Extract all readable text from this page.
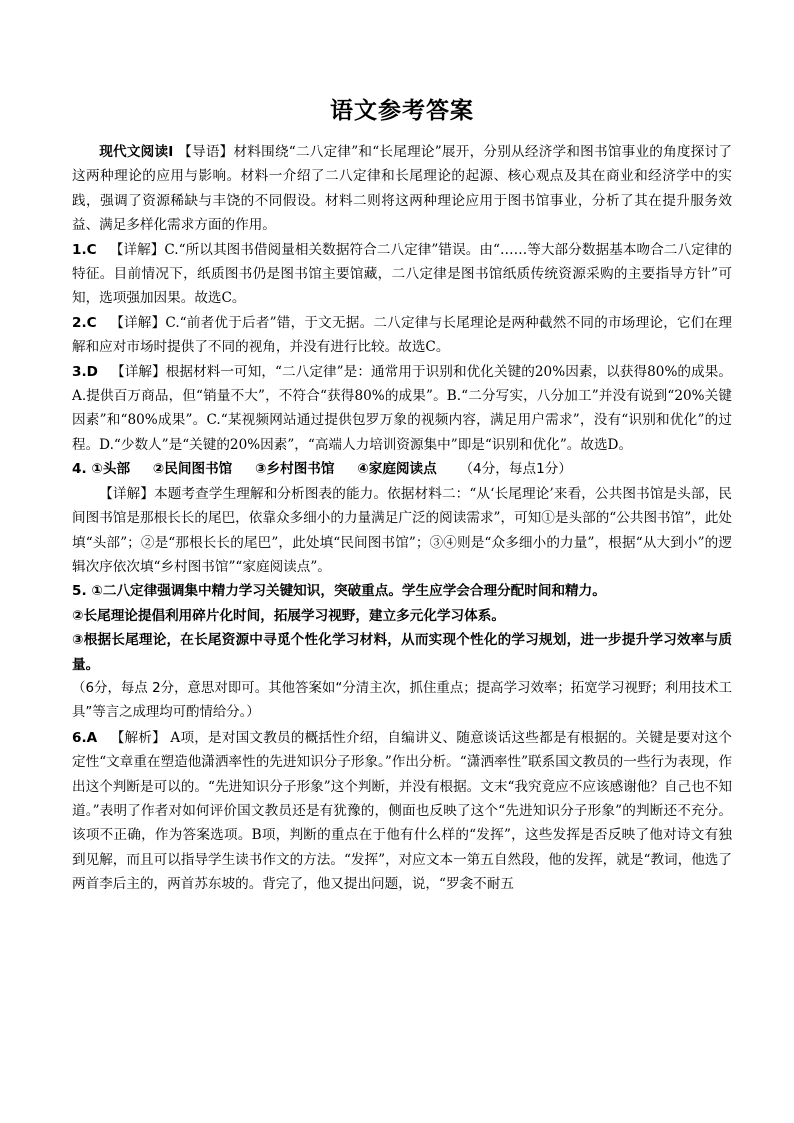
语文参考答案

现代文阅读Ⅰ 【导语】材料围绕“二八定律”和“长尾理论”展开，分别从经济学和图书馆事业的角度探讨了这两种理论的应用与影响。材料一介绍了二八定律和长尾理论的起源、核心观点及其在商业和经济学中的实践，强调了资源稀缺与丰饶的不同假设。材料二则将这两种理论应用于图书馆事业，分析了其在提升服务效益、满足多样化需求方面的作用。

1.C 【详解】C.“所以其图书借阅量相关数据符合二八定律”错误。由“……等大部分数据基本吻合二八定律的特征。目前情况下，纸质图书仍是图书馆主要馆藏，二八定律是图书馆纸质传统资源采购的主要指导方针”可知，选项强加因果。故选C。

2.C 【详解】C.“前者优于后者”错，于文无据。二八定律与长尾理论是两种截然不同的市场理论，它们在理解和应对市场时提供了不同的视角，并没有进行比较。故选C。

3.D 【详解】根据材料一可知，“二八定律”是：通常用于识别和优化关键的20%因素，以获得80%的成果。A.提供百万商品，但“销量不大”，不符合“获得80%的成果”。B.“二分写实，八分加工”并没有说到“20%关键因素”和“80%成果”。C.“某视频网站通过提供包罗万象的视频内容，满足用户需求”，没有“识别和优化”的过程。D.“少数人”是“关键的20%因素”，“高端人力培训资源集中”即是“识别和优化”。故选D。

4. ①头部 ②民间图书馆 ③乡村图书馆 ④家庭阅读点 （4分，每点1分）

【详解】本题考查学生理解和分析图表的能力。依据材料二：“从‘长尾理论’来看，公共图书馆是头部，民间图书馆是那根长长的尾巴，依靠众多细小的力量满足广泛的阅读需求”，可知①是头部的“公共图书馆”，此处填“头部”；②是“那根长长的尾巴”，此处填“民间图书馆”；③④则是“众多细小的力量”，根据“从大到小”的逻辑次序依次填“乡村图书馆”“家庭阅读点”。

5. ①二八定律强调集中精力学习关键知识，突破重点。学生应学会合理分配时间和精力。

②长尾理论提倡利用碎片化时间，拓展学习视野，建立多元化学习体系。

③根据长尾理论，在长尾资源中寻觅个性化学习材料，从而实现个性化的学习规划，进一步提升学习效率与质量。

（6分，每点 2分，意思对即可。其他答案如“分清主次，抓住重点；提高学习效率；拓宽学习视野；利用技术工具”等言之成理均可酌情给分。）

6.A 【解析】 A项，是对国文教员的概括性介绍，自编讲义、随意谈话这些都是有根据的。关键是要对这个定性“文章重在塑造他潇洒率性的先进知识分子形象。”作出分析。“潇洒率性”联系国文教员的一些行为表现，作出这个判断是可以的。“先进知识分子形象”这个判断，并没有根据。文末“我究竟应不应该感谢他？自己也不知道。”表明了作者对如何评价国文教员还是有犹豫的，侧面也反映了这个“先进知识分子形象”的判断还不充分。该项不正确，作为答案选项。B项，判断的重点在于他有什么样的“发挥”，这些发挥是否反映了他对诗文有独到见解，而且可以指导学生读书作文的方法。“发挥”，对应文本一第五自然段，他的发挥，就是“教词，他选了两首李后主的，两首苏东坡的。背完了，他又提出问题，说，“罗衾不耐五
